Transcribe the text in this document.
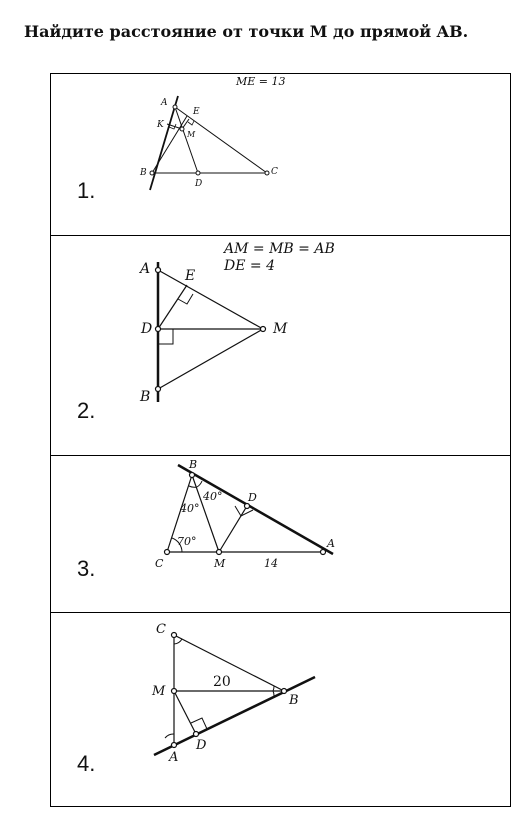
Найдите расстояние от точки M до прямой AB.
1.
ME = 13
A
E
K
M
B	C
D
2.
AM = MB = AB
DE = 4
A E
D	M
B
3.
B
D
A
C	M
40°
40°
70°
14
4.
C
M
B
D
A
20
